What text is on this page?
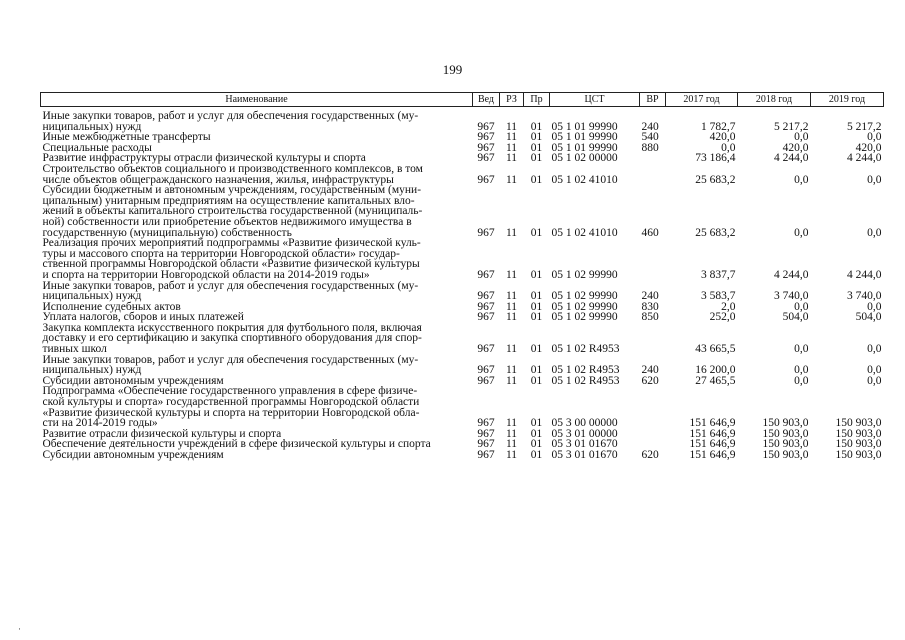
199
Наименование	Вед	РЗ	Пр	ЦСТ	ВР	2017 год	2018 год	2019 год

Иные закупки товаров, работ и услуг для обеспечения государственных (му-
ниципальных) нужд	967	11	01	05 1 01 99990	240	1 782,7	5 217,2	5 217,2

Иные межбюджетные трансферты	967	11	01	05 1 01 99990	540	420,0	0,0	0,0

Специальные расходы	967	11	01	05 1 01 99990	880	0,0	420,0	420,0

Развитие инфраструктуры отрасли физической культуры и спорта	967	11	01	05 1 02 00000		73 186,4	4 244,0	4 244,0

Строительство объектов социального и производственного комплексов, в том
числе объектов общегражданского назначения, жилья, инфраструктуры	967	11	01	05 1 02 41010		25 683,2	0,0	0,0

Субсидии бюджетным и автономным учреждениям, государственным (муни-
ципальным) унитарным предприятиям на осуществление капитальных вло-
жений в объекты капитального строительства государственной (муниципаль-
ной) собственности или приобретение объектов недвижимого имущества в
государственную (муниципальную) собственность	967	11	01	05 1 02 41010	460	25 683,2	0,0	0,0

Реализация прочих мероприятий подпрограммы «Развитие физической куль-
туры и массового спорта на территории Новгородской области» государ-
ственной программы Новгородской области «Развитие физической культуры
и спорта на территории Новгородской области на 2014-2019 годы»	967	11	01	05 1 02 99990		3 837,7	4 244,0	4 244,0

Иные закупки товаров, работ и услуг для обеспечения государственных (му-
ниципальных) нужд	967	11	01	05 1 02 99990	240	3 583,7	3 740,0	3 740,0

Исполнение судебных актов	967	11	01	05 1 02 99990	830	2,0	0,0	0,0

Уплата налогов, сборов и иных платежей	967	11	01	05 1 02 99990	850	252,0	504,0	504,0

Закупка комплекта искусственного покрытия для футбольного поля, включая
доставку и его сертификацию и закупка спортивного оборудования для спор-
тивных школ	967	11	01	05 1 02 R4953		43 665,5	0,0	0,0

Иные закупки товаров, работ и услуг для обеспечения государственных (му-
ниципальных) нужд	967	11	01	05 1 02 R4953	240	16 200,0	0,0	0,0

Субсидии автономным учреждениям	967	11	01	05 1 02 R4953	620	27 465,5	0,0	0,0

Подпрограмма «Обеспечение государственного управления в сфере физиче-
ской культуры и спорта» государственной программы Новгородской области
«Развитие физической культуры и спорта на территории Новгородской обла-
сти на 2014-2019 годы»	967	11	01	05 3 00 00000		151 646,9	150 903,0	150 903,0

Развитие отрасли физической культуры и спорта	967	11	01	05 3 01 00000		151 646,9	150 903,0	150 903,0

Обеспечение деятельности учреждений в сфере физической культуры и спорта	967	11	01	05 3 01 01670		151 646,9	150 903,0	150 903,0

Субсидии автономным учреждениям	967	11	01	05 3 01 01670	620	151 646,9	150 903,0	150 903,0
·
